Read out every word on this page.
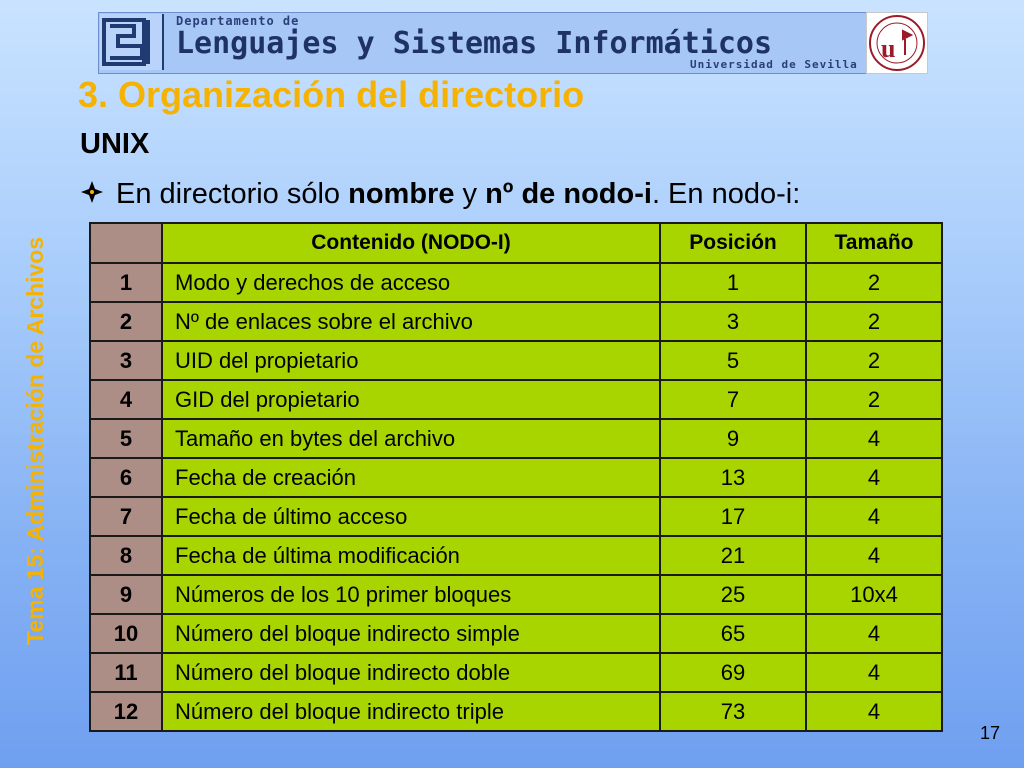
Departamento de
Lenguajes y Sistemas Informáticos
Universidad de Sevilla
u
Tema 15: Administración de Archivos
3. Organización del directorio
UNIX
En directorio sólo nombre y nº de nodo-i. En nodo-i:
	Contenido (NODO-I)	Posición	Tamaño
1	Modo y derechos de acceso	1	2
2	Nº de enlaces sobre el archivo	3	2
3	UID del propietario	5	2
4	GID del propietario	7	2
5	Tamaño en bytes del archivo	9	4
6	Fecha de creación	13	4
7	Fecha de último acceso	17	4
8	Fecha de última modificación	21	4
9	Números de los 10 primer bloques	25	10x4
10	Número del bloque indirecto simple	65	4
11	Número del bloque indirecto doble	69	4
12	Número del bloque indirecto triple	73	4
17
